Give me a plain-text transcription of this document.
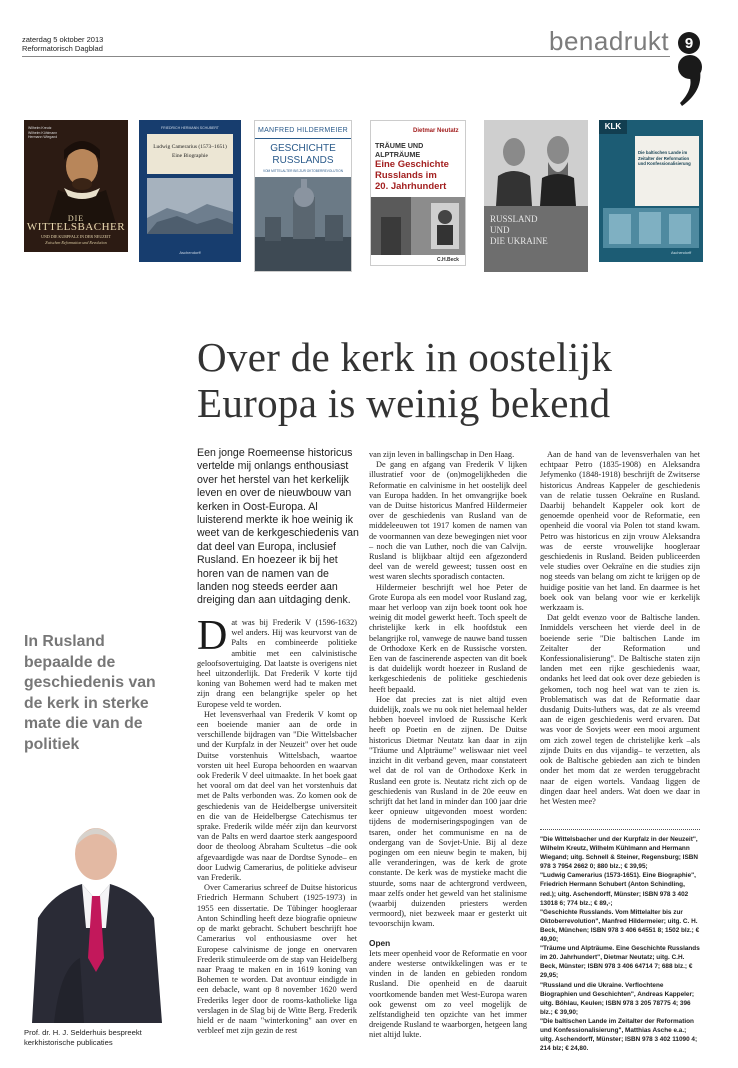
zaterdag 5 oktober 2013
Reformatorisch Dagblad	benadrukt	9
Wilhelm Kreutz
Wilhelm Kühlmann
Hermann Wiegand
DIE
WITTELSBACHER
UND DIE KURPFALZ IN DER NEUZEIT
Zwischen Reformation und Revolution
FRIEDRICH HERMANN SCHUBERT
Ludwig Camerarius (1573–1651)
Eine Biographie
Aschendorff
MANFRED HILDERMEIER
GESCHICHTE
RUSSLANDS
VOM MITTELALTER BIS ZUR OKTOBERREVOLUTION
Dietmar Neutatz
TRÄUME UND
ALPTRÄUME
Eine Geschichte
Russlands im
20. Jahrhundert
C.H.Beck
RUSSLAND
UND
DIE UKRAINE
KLK
Die baltischen Lande im
Zeitalter der Reformation
und Konfessionalisierung
Aschendorff
Over de kerk in oostelijk
Europa is weinig bekend
Een jonge Roemeense historicus vertelde mij onlangs enthousiast over het herstel van het kerkelijk leven en over de nieuwbouw van kerken in Oost-Europa. Al luisterend merkte ik hoe weinig ik weet van de kerkgeschiedenis van dat deel van Europa, inclusief Rusland. En hoezeer ik bij het horen van de namen van de landen nog steeds eerder aan dreiging dan aan uitdaging denk.
In Rusland bepaalde de geschiedenis van de kerk in sterke mate die van de politiek
Prof. dr. H. J. Selderhuis bespreekt kerkhistorische publicaties
D at was bij Frederik V (1596-1632) wel anders. Hij was keurvorst van de Palts en combineerde politieke ambitie met een calvinistische geloofsovertuiging. Dat laatste is overigens niet heel uitzonderlijk. Dat Frederik V korte tijd koning van Bohemen werd had te maken met zijn drang een belangrijke speler op het Europese veld te worden.

Het levensverhaal van Frederik V komt op een boeiende manier aan de orde in verschillende bijdragen van "Die Wittelsbacher und der Kurpfalz in der Neuzeit" over het oude Duitse vorstenhuis Wittelsbach, waartoe vorsten uit heel Europa behoorden en waarvan ook Frederik V deel uitmaakte. In het boek gaat het vooral om dat deel van het vorstenhuis dat met de Palts verbonden was. Zo komen ook de geschiedenis van de Heidelbergse universiteit en die van de Heidelbergse Catechismus ter sprake. Frederik wilde méér zijn dan keurvorst van de Palts en werd daartoe sterk aangespoord door de theoloog Abraham Scultetus –die ook afgevaardigde was naar de Dordtse Synode– en door Ludwig Camerarius, de politieke adviseur van Frederik.

Over Camerarius schreef de Duitse historicus Friedrich Hermann Schubert (1925-1973) in 1955 een dissertatie. De Tübinger hoogleraar Anton Schindling heeft deze biografie opnieuw op de markt gebracht. Schubert beschrijft hoe Camerarius vol enthousiasme over het Europese calvinisme de jonge en onervaren Frederik stimuleerde om de stap van Heidelberg naar Praag te maken en in 1619 koning van Bohemen te worden. Dat avontuur eindigde in een debacle, want op 8 november 1620 werd Frederiks leger door de rooms-katholieke liga verslagen in de Slag bij de Witte Berg. Frederik hield er de naam "winterkoning" aan over en verbleef met zijn gezin de rest

van zijn leven in ballingschap in Den Haag.

De gang en afgang van Frederik V lijken illustratief voor de (on)mogelijkheden die Reformatie en calvinisme in het oostelijk deel van Europa hadden. In het omvangrijke boek van de Duitse historicus Manfred Hildermeier over de geschiedenis van Rusland van de middeleeuwen tot 1917 komen de namen van de voormannen van deze bewegingen niet voor – noch die van Luther, noch die van Calvijn. Rusland is blijkbaar altijd een afgezonderd deel van de wereld geweest; tussen oost en west waren slechts sporadisch contacten.

Hildermeier beschrijft wel hoe Peter de Grote Europa als een model voor Rusland zag, maar het verloop van zijn boek toont ook hoe weinig dit model gewerkt heeft. Toch speelt de christelijke kerk in elk hoofdstuk een belangrijke rol, vanwege de nauwe band tussen de Orthodoxe Kerk en de Russische vorsten. Een van de fascinerende aspecten van dit boek is dat duidelijk wordt hoezeer in Rusland de kerkgeschiedenis de politieke geschiedenis heeft bepaald.

Hoe dat precies zat is niet altijd even duidelijk, zoals we nu ook niet helemaal helder hebben hoeveel invloed de Russische Kerk heeft op Poetin en de zijnen. De Duitse historicus Dietmar Neutatz kan daar in zijn "Träume und Alpträume" weliswaar niet veel inzicht in dit verband geven, maar constateert wel dat de rol van de Orthodoxe Kerk in Rusland een grote is. Neutatz richt zich op de geschiedenis van Rusland in de 20e eeuw en schrijft dat het land in minder dan 100 jaar drie keer opnieuw uitgevonden moest worden: tijdens de moderniseringspogingen van de tsaren, onder het communisme en na de ondergang van de Sovjet-Unie. Bij al deze pogingen om een nieuw begin te maken, bij alle veranderingen, was de kerk de grote constante. De kerk was de mystieke macht die stuurde, soms naar de achtergrond verdween, maar zelfs onder het geweld van het stalinisme (waarbij duizenden priesters werden vermoord), niet bezweek maar er gesterkt uit tevoorschijn kwam.

Open

Iets meer openheid voor de Reformatie en voor andere westerse ontwikkelingen was er te vinden in de landen en gebieden rondom Rusland. Die openheid en de daaruit voortkomende banden met West-Europa waren ook gewenst om zo veel mogelijk de zelfstandigheid ten opzichte van het immer dreigende Rusland te waarborgen, hetgeen lang niet altijd lukte.

Aan de hand van de levensverhalen van het echtpaar Petro (1835-1908) en Aleksandra Jefymenko (1848-1918) beschrijft de Zwitserse historicus Andreas Kappeler de geschiedenis van de relatie tussen Oekraïne en Rusland. Daarbij behandelt Kappeler ook kort de genoemde openheid voor de Reformatie, een openheid die vooral via Polen tot stand kwam. Petro was historicus en zijn vrouw Aleksandra was de eerste vrouwelijke hoogleraar geschiedenis in Rusland. Beiden publiceerden vele studies over Oekraïne en die studies zijn nog steeds van belang om zicht te krijgen op de huidige positie van het land. En daarmee is het boek ook van belang voor wie er kerkelijk werkzaam is.

Dat geldt evenzo voor de Baltische landen. Inmiddels verscheen het vierde deel in de boeiende serie "Die baltischen Lande im Zeitalter der Reformation und Konfessionalisierung". De Baltische staten zijn landen met een rijke geschiedenis waar, ondanks het leed dat ook over deze gebieden is gekomen, toch nog heel wat van te zien is. Problematisch was dat de Reformatie daar dusdanig Duits-luthers was, dat ze als vreemd aan de eigen geschiedenis werd ervaren. Dat was voor de Sovjets weer een mooi argument om zich zowel tegen de christelijke kerk –als zijnde Duits en dus vijandig– te verzetten, als ook de Baltische gebieden aan zich te binden onder het mom dat ze werden teruggebracht naar de eigen wortels. Vandaag liggen de dingen daar heel anders. Wat doen we daar in het Westen mee?

"Die Wittelsbacher und der Kurpfalz in der Neuzeit", Wilhelm Kreutz, Wilhelm Kühlmann and Hermann Wiegand; uitg. Schnell & Steiner, Regensburg; ISBN 978 3 7954 2662 0; 880 blz.; € 39,95;

"Ludwig Camerarius (1573-1651). Eine Biographie", Friedrich Hermann Schubert (Anton Schindling, red.); uitg. Aschendorff, Münster; ISBN 978 3 402 13018 6; 774 blz.; € 89,-;

"Geschichte Russlands. Vom Mittelalter bis zur Oktoberrevolution", Manfred Hildermeier; uitg. C. H. Beck, München; ISBN 978 3 406 64551 8; 1502 blz.; € 49,90;

"Träume und Alpträume. Eine Geschichte Russlands im 20. Jahrhundert", Dietmar Neutatz; uitg. C.H. Beck, Münster; ISBN 978 3 406 64714 7; 688 blz.; € 29,95;

"Russland und die Ukraine. Verflochtene Biographien und Geschichten", Andreas Kappeler; uitg. Böhlau, Keulen; ISBN 978 3 205 78775 4; 396 blz.; € 39,90;

"Die baltischen Lande im Zeitalter der Reformation und Konfessionalisierung", Matthias Asche e.a.; uitg. Aschendorff, Münster; ISBN 978 3 402 11090 4; 214 blz; € 24,80.
